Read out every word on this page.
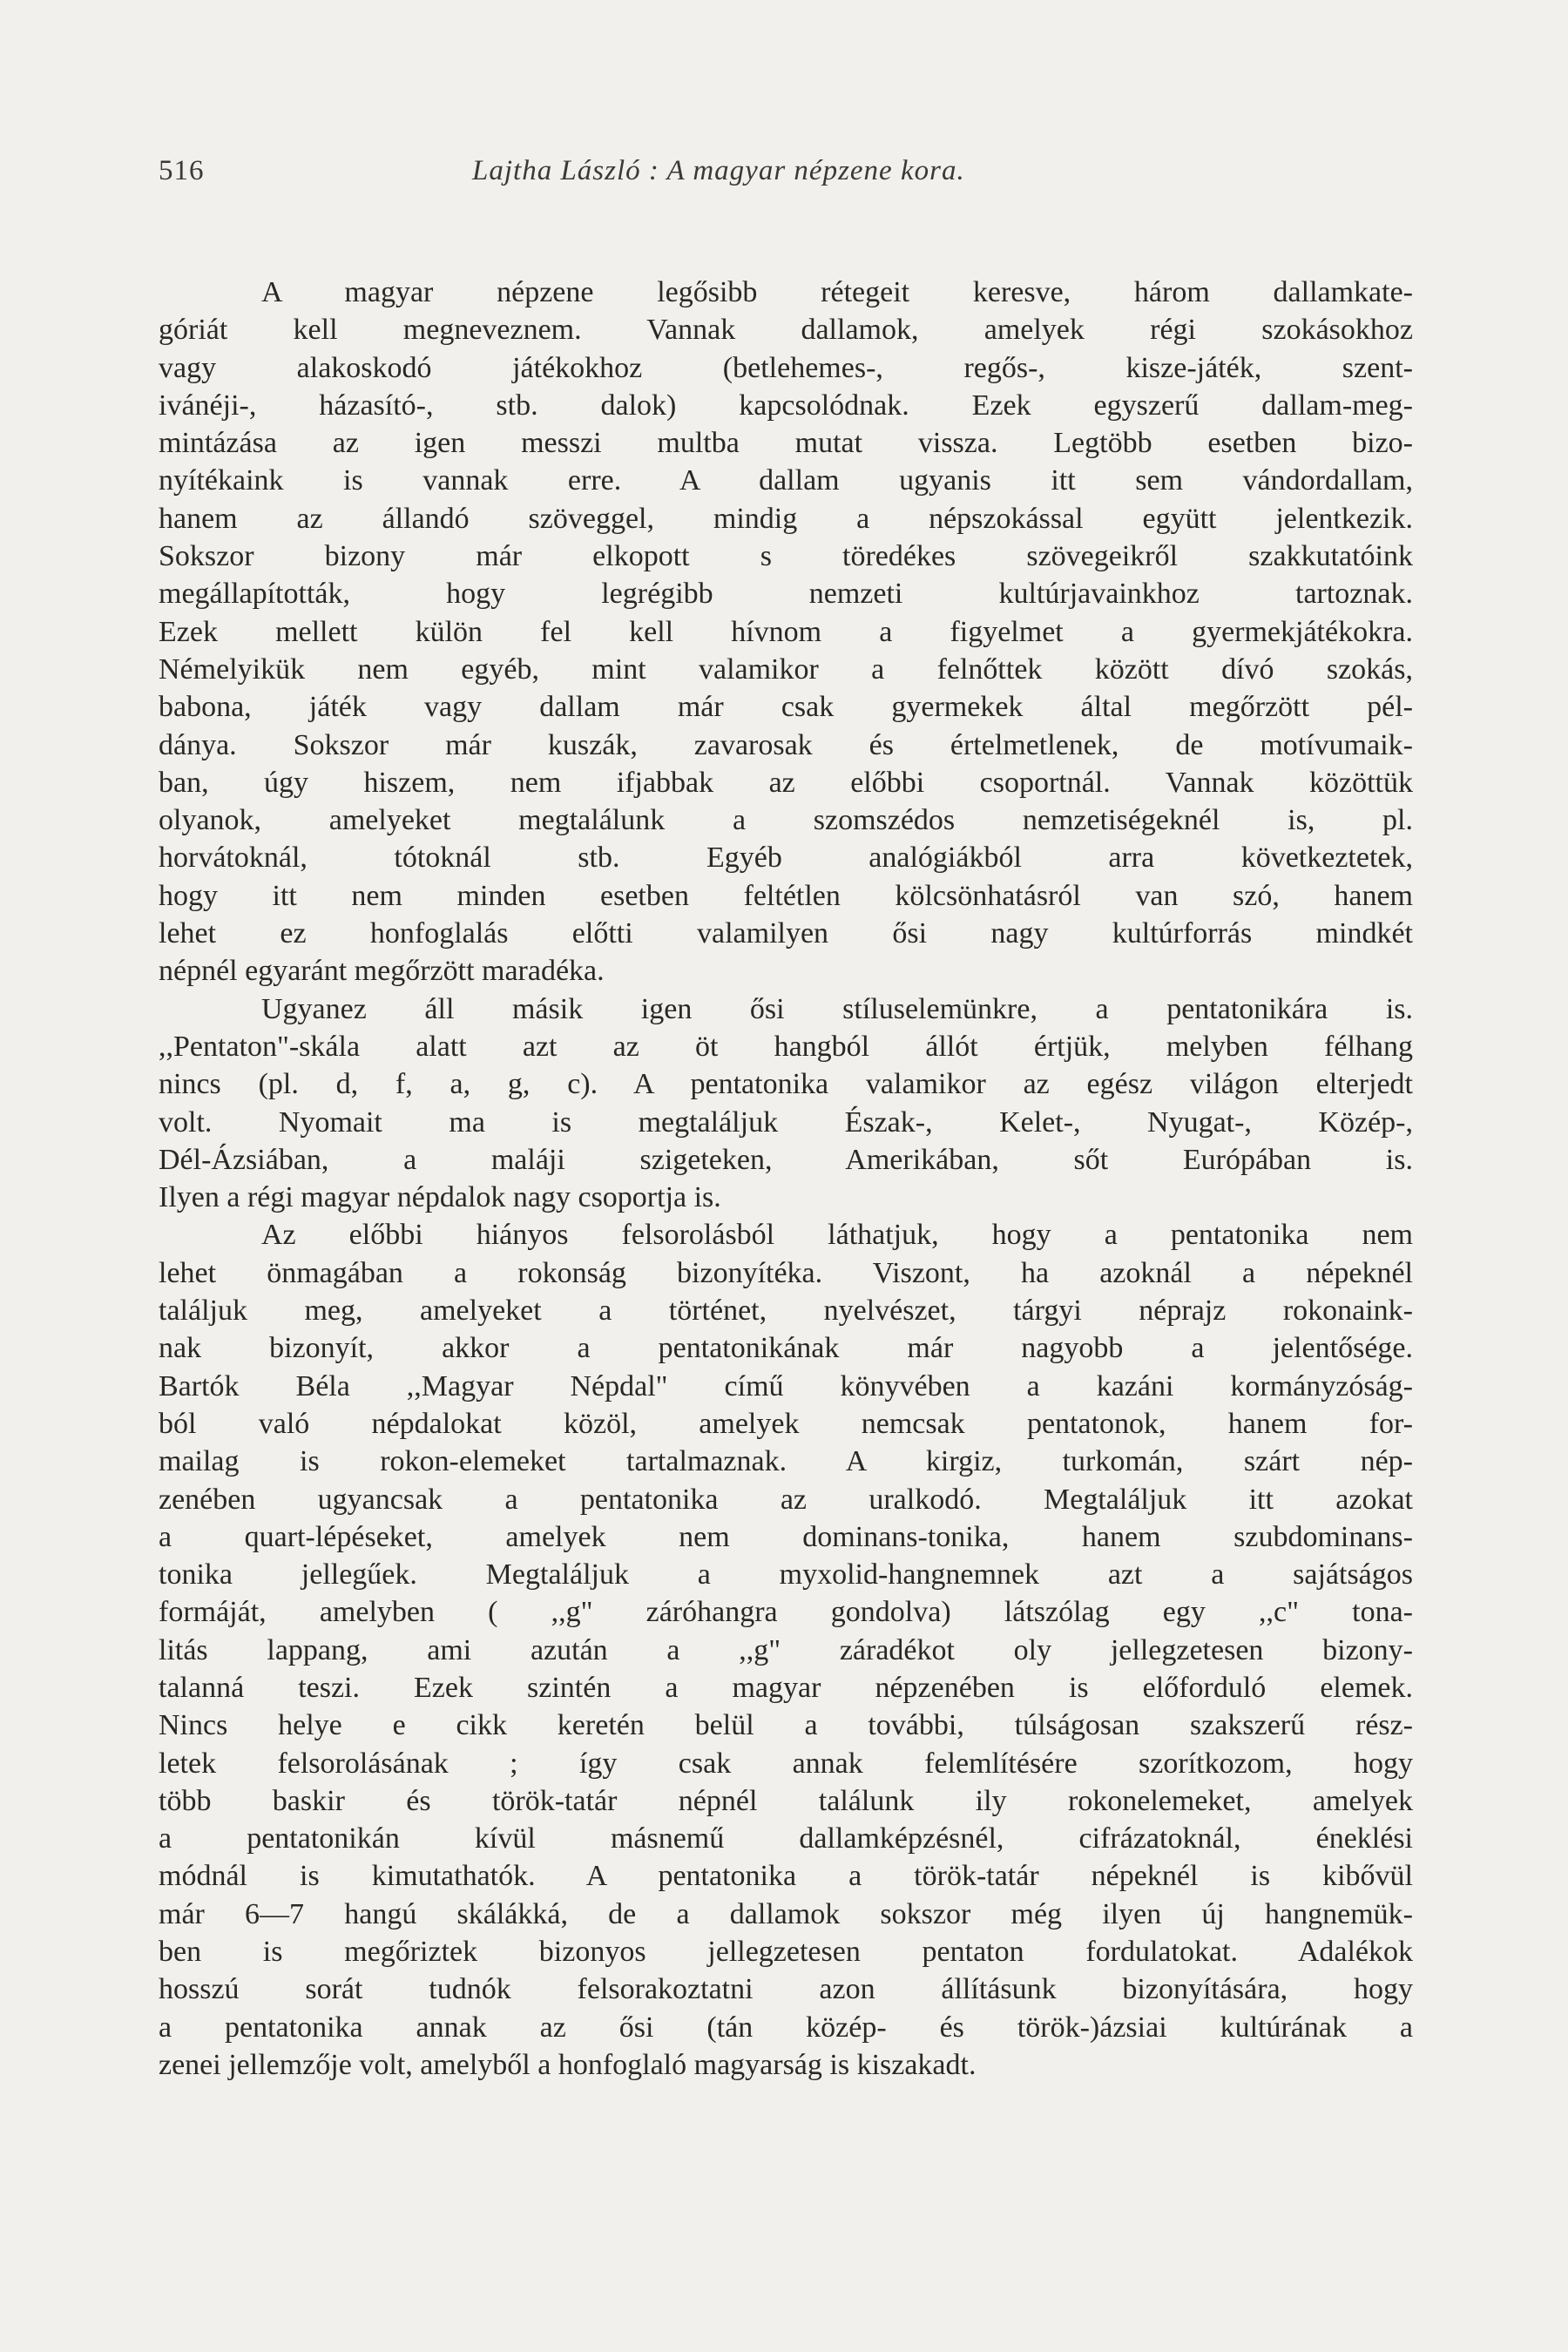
516	Lajtha László : A magyar népzene kora.
A magyar népzene legősibb rétegeit keresve, három dallamkate-
góriát kell megneveznem. Vannak dallamok, amelyek régi szokásokhoz
vagy alakoskodó játékokhoz (betlehemes-, regős-, kisze-játék, szent-
ivánéji-, házasító-, stb. dalok) kapcsolódnak. Ezek egyszerű dallam-meg-
mintázása az igen messzi multba mutat vissza. Legtöbb esetben bizo-
nyítékaink is vannak erre. A dallam ugyanis itt sem vándordallam,
hanem az állandó szöveggel, mindig a népszokással együtt jelentkezik.
Sokszor bizony már elkopott s töredékes szövegeikről szakkutatóink
megállapították, hogy legrégibb nemzeti kultúrjavainkhoz tartoznak.
Ezek mellett külön fel kell hívnom a figyelmet a gyermekjátékokra.
Némelyikük nem egyéb, mint valamikor a felnőttek között dívó szokás,
babona, játék vagy dallam már csak gyermekek által megőrzött pél-
dánya. Sokszor már kuszák, zavarosak és értelmetlenek, de motívumaik-
ban, úgy hiszem, nem ifjabbak az előbbi csoportnál. Vannak közöttük
olyanok, amelyeket megtalálunk a szomszédos nemzetiségeknél is, pl.
horvátoknál, tótoknál stb. Egyéb analógiákból arra következtetek,
hogy itt nem minden esetben feltétlen kölcsönhatásról van szó, hanem
lehet ez honfoglalás előtti valamilyen ősi nagy kultúrforrás mindkét
népnél egyaránt megőrzött maradéka.
Ugyanez áll másik igen ősi stíluselemünkre, a pentatonikára is.
,,Pentaton"-skála alatt azt az öt hangból állót értjük, melyben félhang
nincs (pl. d, f, a, g, c). A pentatonika valamikor az egész világon elterjedt
volt. Nyomait ma is megtaláljuk Észak-, Kelet-, Nyugat-, Közép-,
Dél-Ázsiában, a maláji szigeteken, Amerikában, sőt Európában is.
Ilyen a régi magyar népdalok nagy csoportja is.
Az előbbi hiányos felsorolásból láthatjuk, hogy a pentatonika nem
lehet önmagában a rokonság bizonyítéka. Viszont, ha azoknál a népeknél
találjuk meg, amelyeket a történet, nyelvészet, tárgyi néprajz rokonaink-
nak bizonyít, akkor a pentatonikának már nagyobb a jelentősége.
Bartók Béla ,,Magyar Népdal" című könyvében a kazáni kormányzóság-
ból való népdalokat közöl, amelyek nemcsak pentatonok, hanem for-
mailag is rokon-elemeket tartalmaznak. A kirgiz, turkomán, szárt nép-
zenében ugyancsak a pentatonika az uralkodó. Megtaláljuk itt azokat
a quart-lépéseket, amelyek nem dominans-tonika, hanem szubdominans-
tonika jellegűek. Megtaláljuk a myxolid-hangnemnek azt a sajátságos
formáját, amelyben ( ,,g" záróhangra gondolva) látszólag egy ,,c" tona-
litás lappang, ami azután a ,,g" záradékot oly jellegzetesen bizony-
talanná teszi. Ezek szintén a magyar népzenében is előforduló elemek.
Nincs helye e cikk keretén belül a további, túlságosan szakszerű rész-
letek felsorolásának ; így csak annak felemlítésére szorítkozom, hogy
több baskir és török-tatár népnél találunk ily rokonelemeket, amelyek
a pentatonikán kívül másnemű dallamképzésnél, cifrázatoknál, éneklési
módnál is kimutathatók. A pentatonika a török-tatár népeknél is kibővül
már 6—7 hangú skálákká, de a dallamok sokszor még ilyen új hangnemük-
ben is megőriztek bizonyos jellegzetesen pentaton fordulatokat. Adalékok
hosszú sorát tudnók felsorakoztatni azon állításunk bizonyítására, hogy
a pentatonika annak az ősi (tán közép- és török-)ázsiai kultúrának a
zenei jellemzője volt, amelyből a honfoglaló magyarság is kiszakadt.
